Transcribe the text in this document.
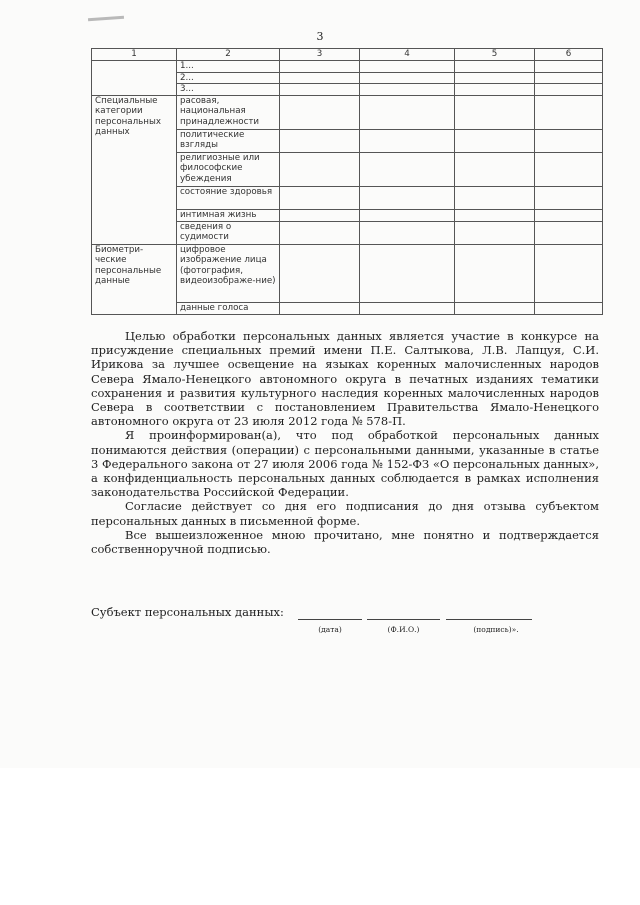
3
1	2	3	4	5	6
	1...				
	2...				
	3...				
Специальные категории персональных данных	расовая, национальная принадлежности				
	политические взгляды				
	религиозные или философские убеждения				
	состояние здоровья				
	интимная жизнь				
	сведения о судимости				
Биометри-ческие персональные данные	цифровое изображение лица (фотография, видеоизображе-ние)				
	данные голоса				

Целью обработки персональных данных является участие в конкурсе на присуждение специальных премий имени П.Е. Салтыкова, Л.В. Лапцуя, С.И. Ирикова за лучшее освещение на языках коренных малочисленных народов Севера Ямало-Ненецкого автономного округа в печатных изданиях тематики сохранения и развития культурного наследия коренных малочисленных народов Севера в соответствии с постановлением Правительства Ямало-Ненецкого автономного округа от 23 июля 2012 года № 578-П.

Я проинформирован(а), что под обработкой персональных данных понимаются действия (операции) с персональными данными, указанные в статье 3 Федерального закона от 27 июля 2006 года № 152-ФЗ «О персональных данных», а конфиденциальность персональных данных соблюдается в рамках исполнения законодательства Российской Федерации.

Согласие действует со дня его подписания до дня отзыва субъектом персональных данных в письменной форме.

Все вышеизложенное мною прочитано, мне понятно и подтверждается собственноручной подписью.

Субъект персональных данных:
(дата)	(Ф.И.О.)	(подпись)».
